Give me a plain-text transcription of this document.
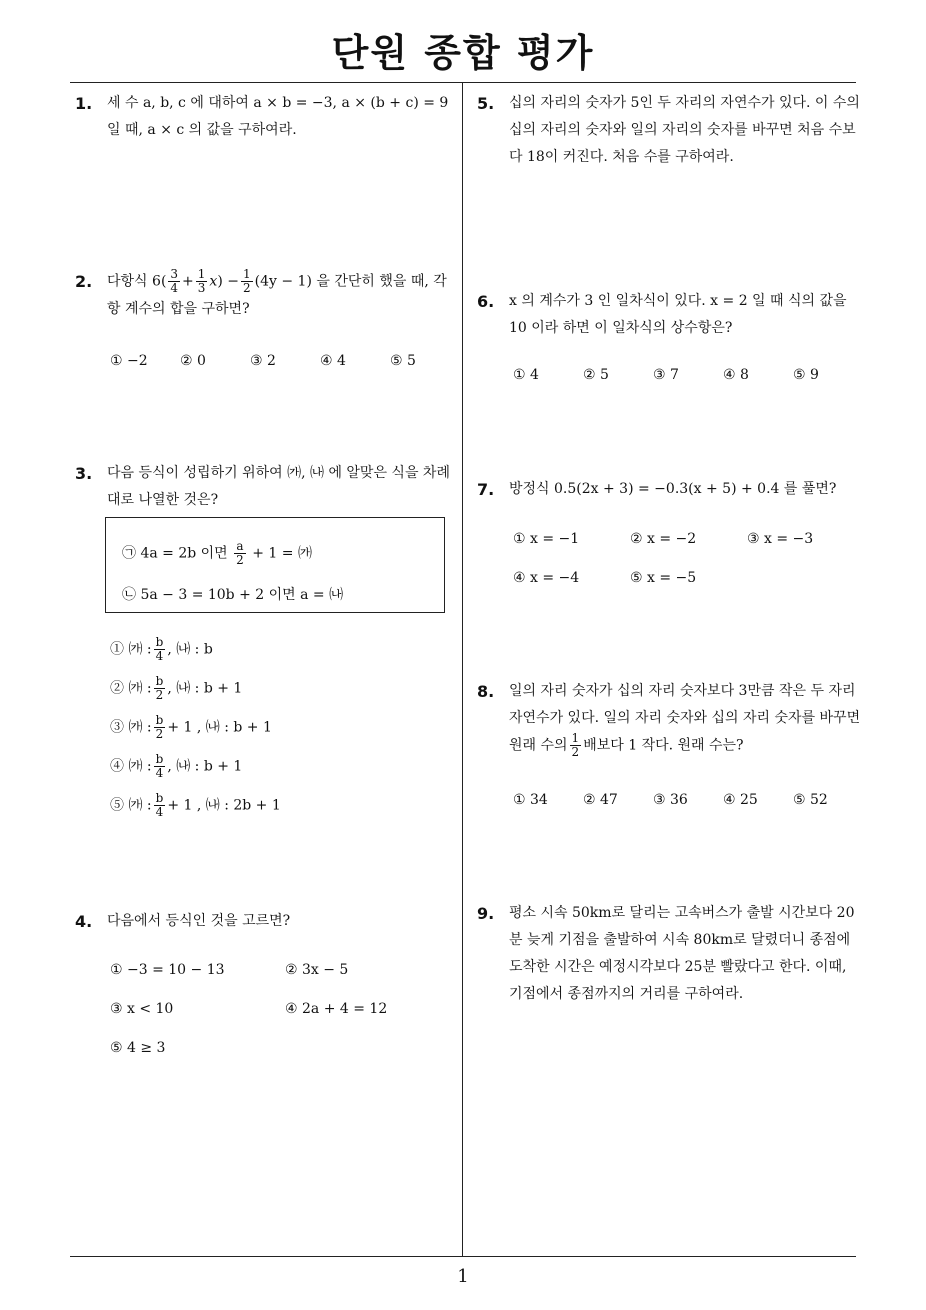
단원 종합 평가
1
1. 세 수 a, b, c 에 대하여 a × b = −3, a × (b + c) = 9 일 때, a × c 의 값을 구하여라.
2. 다항식 $6( \frac{3}{4} + \frac{1}{3} x) - \frac{1}{2} (4y - 1)$ 을 간단히 했을 때, 각 항 계수의 합을 구하면?
① −2 ② 0	③ 2	④ 4	⑤ 5
3. 다음 등식이 성립하기 위하여 ㈎, ㈏ 에 알맞은 식을 차례대로 나열한 것은?
㉠ 4a = 2b 이면 $\frac{a}{2} + 1$ = ㈎
㉡ 5a − 3 = 10b + 2 이면 a = ㈏
① ㈎ : $\frac{b}{4}$ , ㈏ : b
② ㈎ : $\frac{b}{2}$ , ㈏ : b + 1
③ ㈎ : $\frac{b}{2} + 1$ , ㈏ : b + 1
④ ㈎ : $\frac{b}{4}$ , ㈏ : b + 1
⑤ ㈎ : $\frac{b}{4} + 1$ , ㈏ : 2b + 1
4. 다음에서 등식인 것을 고르면?
① −3 = 10 − 13	② 3x − 5
③ x < 10	④ 2a + 4 = 12
⑤ 4 ≥ 3
5. 십의 자리의 숫자가 5인 두 자리의 자연수가 있다. 이 수의 십의 자리의 숫자와 일의 자리의 숫자를 바꾸면 처음 수보다 18이 커진다. 처음 수를 구하여라.
6. x 의 계수가 3 인 일차식이 있다. x = 2 일 때 식의 값을 10 이라 하면 이 일차식의 상수항은?
① 4	② 5	③ 7	④ 8	⑤ 9
7. 방정식 0.5(2x + 3) = −0.3(x + 5) + 0.4 를 풀면?
① x = −1	② x = −2	③ x = −3
④ x = −4	⑤ x = −5
8. 일의 자리 숫자가 십의 자리 숫자보다 3만큼 작은 두 자리 자연수가 있다. 일의 자리 숫자와 십의 자리 숫자를 바꾸면 원래 수의 $\frac{1}{2}$ 배보다 1 작다. 원래 수는?
① 34	② 47	③ 36	④ 25	⑤ 52
9. 평소 시속 50km로 달리는 고속버스가 출발 시간보다 20분 늦게 기점을 출발하여 시속 80km로 달렸더니 종점에 도착한 시간은 예정시각보다 25분 빨랐다고 한다. 이때, 기점에서 종점까지의 거리를 구하여라.
